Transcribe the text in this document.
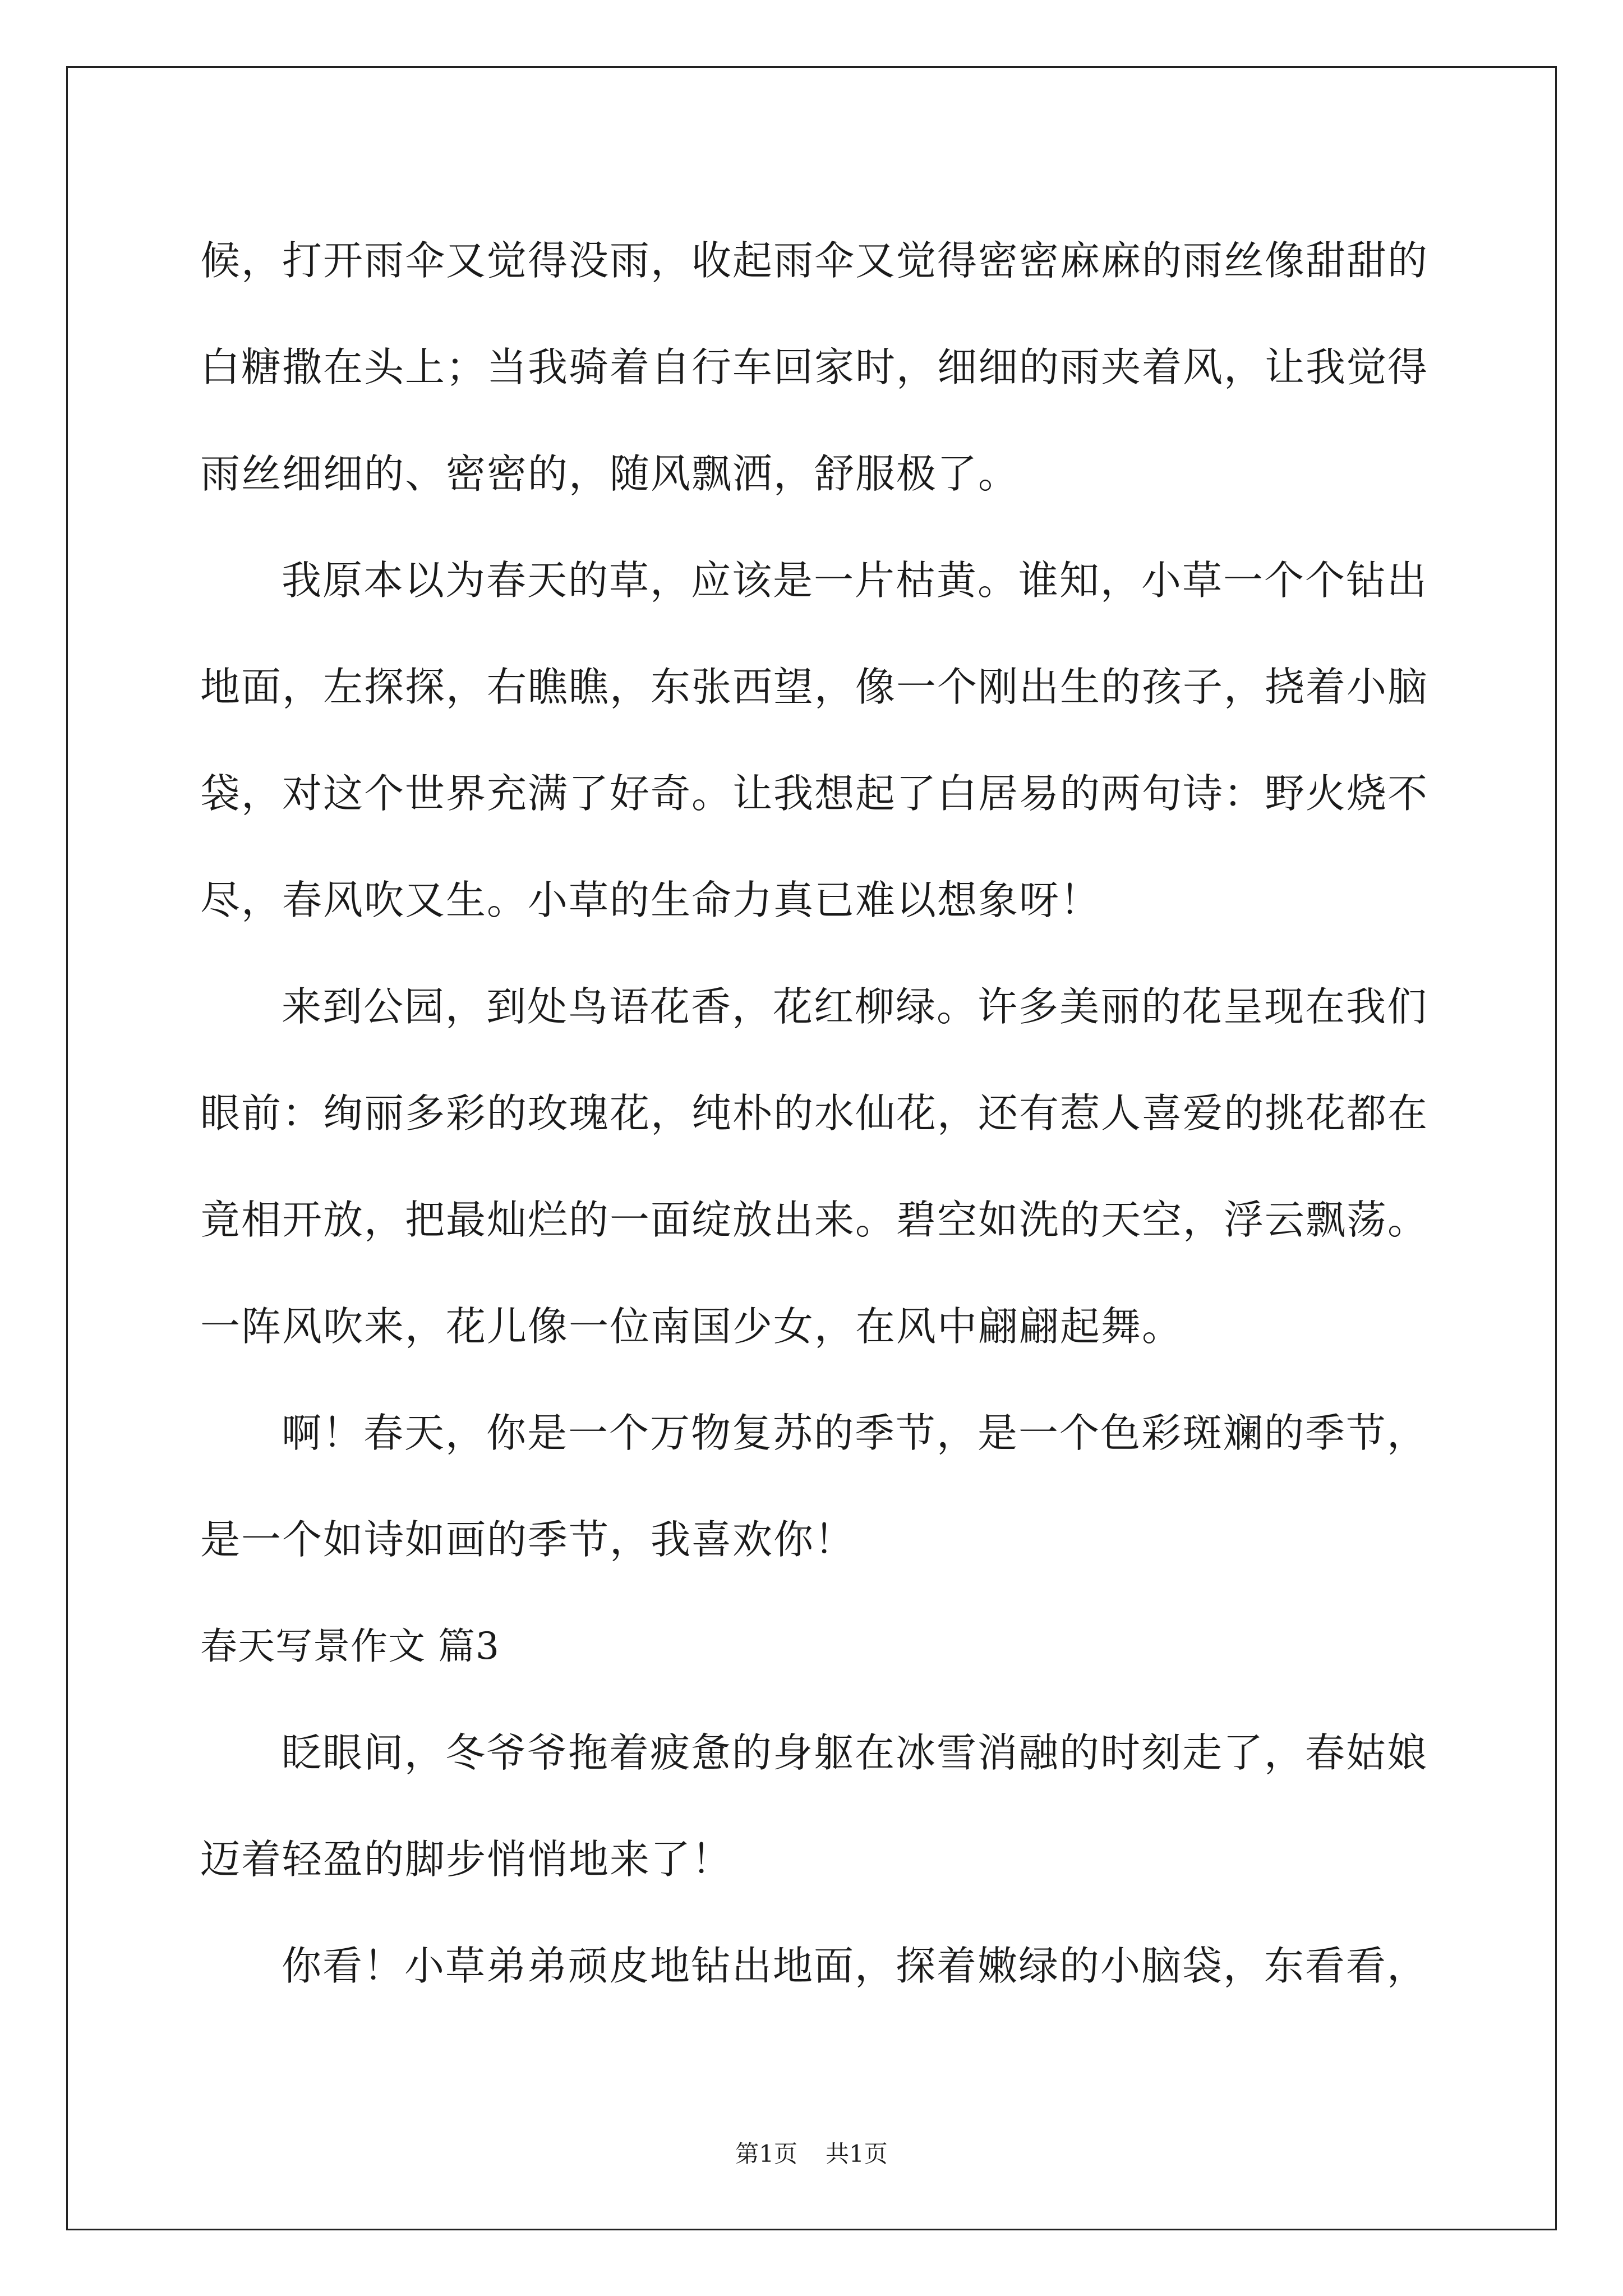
候，打开雨伞又觉得没雨，收起雨伞又觉得密密麻麻的雨丝像甜甜的
白糖撒在头上；当我骑着自行车回家时，细细的雨夹着风，让我觉得
雨丝细细的、密密的，随风飘洒，舒服极了。
我原本以为春天的草，应该是一片枯黄。谁知，小草一个个钻出
地面，左探探，右瞧瞧，东张西望，像一个刚出生的孩子，挠着小脑
袋，对这个世界充满了好奇。让我想起了白居易的两句诗：野火烧不
尽，春风吹又生。小草的生命力真已难以想象呀！
来到公园，到处鸟语花香，花红柳绿。许多美丽的花呈现在我们
眼前：绚丽多彩的玫瑰花，纯朴的水仙花，还有惹人喜爱的挑花都在
竟相开放，把最灿烂的一面绽放出来。碧空如洗的天空，浮云飘荡。
一阵风吹来，花儿像一位南国少女，在风中翩翩起舞。
啊！春天，你是一个万物复苏的季节，是一个色彩斑斓的季节，
是一个如诗如画的季节，我喜欢你！
春天写景作文 篇3
眨眼间，冬爷爷拖着疲惫的身躯在冰雪消融的时刻走了，春姑娘
迈着轻盈的脚步悄悄地来了！
你看！小草弟弟顽皮地钻出地面，探着嫩绿的小脑袋，东看看，
第1页 共1页
